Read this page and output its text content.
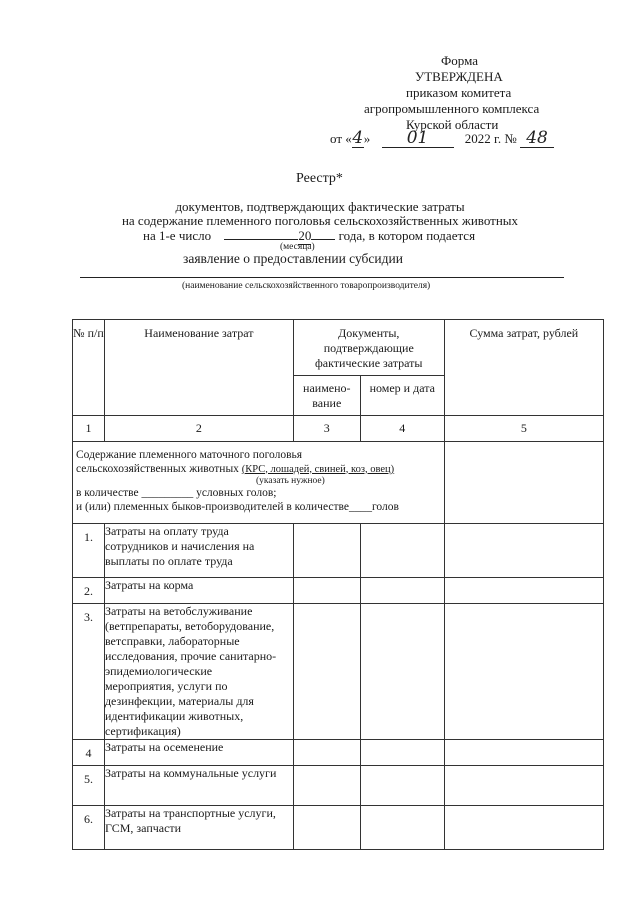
Форма
УТВЕРЖДЕНА
приказом комитета
агропромышленного комплекса
Курской области
от «4» 01	2022 г. № 48
Реестр*
документов, подтверждающих фактические затраты
на содержание племенного поголовья сельскохозяйственных животных
на 1-е число	20 года, в котором подается
(месяца)
заявление о предоставлении субсидии
(наименование сельскохозяйственного товаропроизводителя)
№ п/п	Наименование затрат	Документы, подтверждающие фактические затраты		Сумма затрат, рублей
		наимено-вание	номер и дата	
1	2	3	4	5

Содержание племенного маточного поголовья
сельскохозяйственных животных (КРС, лошадей, свиней, коз, овец)
(указать нужное)
в количестве _________ условных голов;
и (или) племенных быков-производителей в количестве____голов				

1.	Затраты на оплату труда сотрудников и начисления на выплаты по оплате труда			
2.	Затраты на корма			
3.	Затраты на ветобслуживание (ветпрепараты, ветоборудование, ветсправки, лабораторные исследования, прочие санитарно-эпидемиологические мероприятия, услуги по дезинфекции, материалы для идентификации животных, сертификация)			
4	Затраты на осеменение			
5.	Затраты на коммунальные услуги			
6.	Затраты на транспортные услуги, ГСМ, запчасти			
